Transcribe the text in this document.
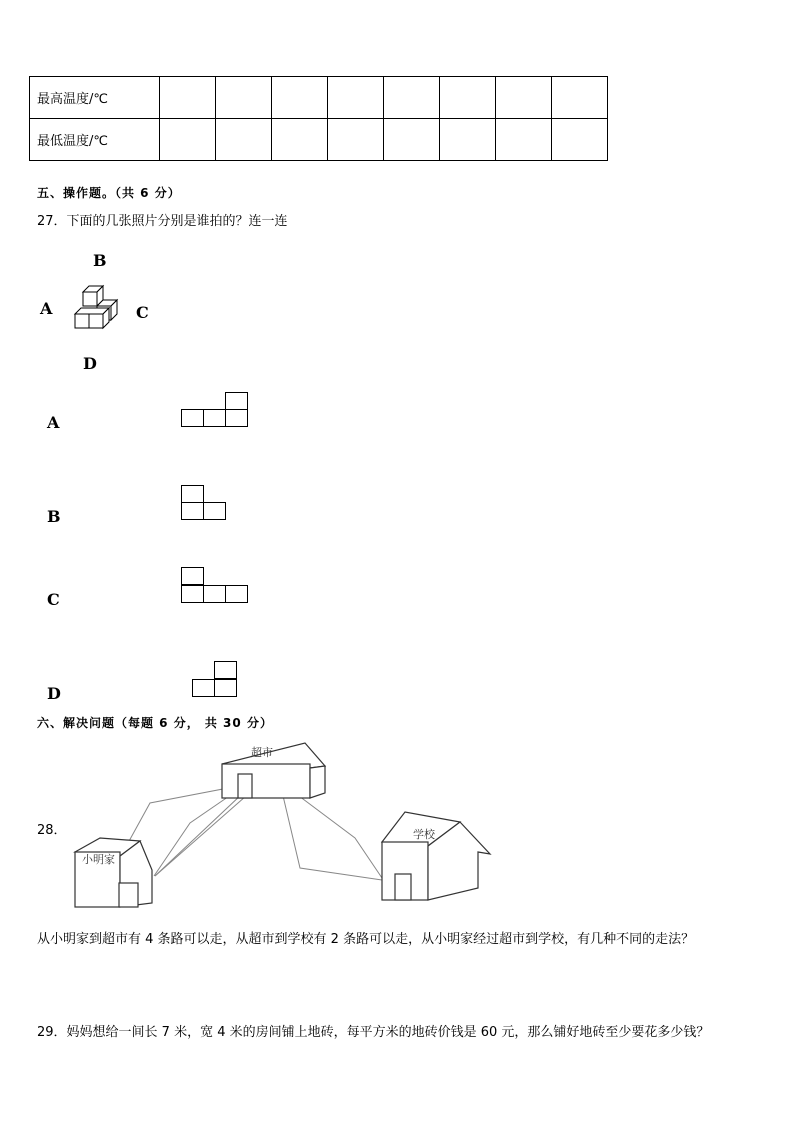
最高温度/℃								
最低温度/℃								
五、操作题。（共 6 分）
27．下面的几张照片分别是谁拍的？连一连
B
A	C
D
A
B
C
D
六、解决问题（每题 6 分， 共 30 分）
28．
超市
小明家
学校
从小明家到超市有 4 条路可以走，从超市到学校有 2 条路可以走，从小明家经过超市到学校，有几种不同的走法？
29．妈妈想给一间长 7 米，宽 4 米的房间铺上地砖，每平方米的地砖价钱是 60 元，那么铺好地砖至少要花多少钱？
